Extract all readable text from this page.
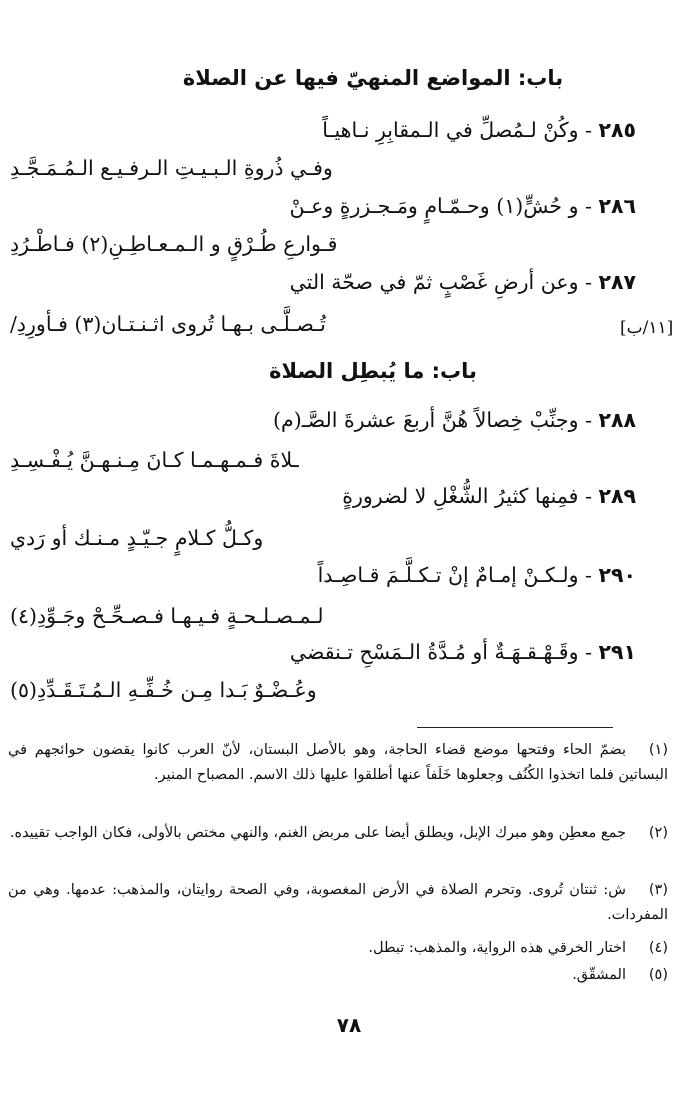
باب: المواضع المنهيّ فيها عن الصلاة
٢٨٥ - وكُنْ لـمُصلِّ في الـمقابِرِ نـاهيـاً
وفـي ذُروةِ الـبـيـتِ الـرفـيـع الـمُـمَـجَّـدِ
٢٨٦ - و حُشٍّ(١) وحـمّـامٍ ومَـجـزرةٍ وعـنْ
قـوارعِ طُـرْقٍ و الـمـعـاطِـنِ(٢) فـاطْـرُدِ
٢٨٧ - وعن أرضِ غَصْبٍ ثمّ في صحّة التي
تُـصـلَّـى بـهـا تُروى اثـنـتـان(٣) فـأورِدِ/	[١١/ب]
باب: ما يُبطِل الصلاة
٢٨٨ - وجنِّبْ خِصالاً هُنَّ أربعَ عشرةَ الصَّـ(م)
ـلاةَ فـمـهـمـا كـانَ مِـنـهـنَّ يُـفْـسِـدِ
٢٨٩ - فمِنها كثيرُ الشُّغْلِ لا لضرورةٍ
وكـلُّ كـلامٍ جـيّـدٍ مـنـك أو رَدي
٢٩٠ - ولـكـنْ إمـامٌ إنْ تـكـلَّـمَ قـاصِـداً
لـمـصـلـحـةٍ فـيـهـا فـصـحِّـحْ وجَـوِّدِ(٤)
٢٩١ - وقَـهْـقـهَـةٌ أو مُـدَّةُ الـمَسْحِ تـنقضي
وعُـضْـوٌ بَـدا مِـن خُـفِّـهِ الـمُـتَـقَـدِّدِ(٥)
(١)بضمّ الحاء وفتحها موضع قضاء الحاجة، وهو بالأصل البستان، لأنّ العرب كانوا يقضون حوائجهم في البساتين فلما اتخذوا الكُنُف وجعلوها خَلَفاً عنها أطلقوا عليها ذلك الاسم. المصباح المنير.
(٢)جمع معطِن وهو مبرك الإبل، ويطلق أيضا على مربض الغنم، والنهي مختص بالأولى، فكان الواجب تقييده.
(٣)ش: ثنتان تُروى. وتحرم الصلاة في الأرض المغصوبة، وفي الصحة روايتان، والمذهب: عدمها. وهي من المفردات.
(٤)اختار الخرقي هذه الرواية، والمذهب: تبطل.
(٥)المشقّق.
٧٨
